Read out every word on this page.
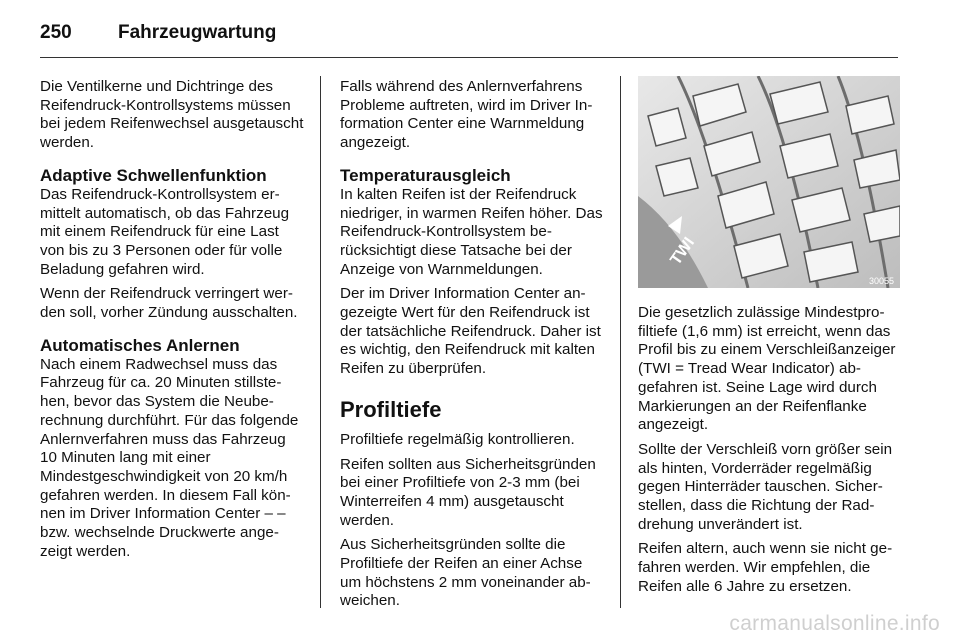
250 Fahrzeugwartung

Die Ventilkerne und Dichtringe des Reifendruck-Kontrollsystems müssen bei jedem Reifenwechsel ausgetauscht werden.

Adaptive Schwellenfunktion

Das Reifendruck-Kontrollsystem ermittelt automatisch, ob das Fahrzeug mit einem Reifendruck für eine Last von bis zu 3 Personen oder für volle Beladung gefahren wird.

Wenn der Reifendruck verringert werden soll, vorher Zündung ausschalten.

Automatisches Anlernen

Nach einem Radwechsel muss das Fahrzeug für ca. 20 Minuten stillstehen, bevor das System die Neuberechnung durchführt. Für das folgende Anlernverfahren muss das Fahrzeug 10 Minuten lang mit einer Mindestgeschwindigkeit von 20 km/h gefahren werden. In diesem Fall können im Driver Information Center – – bzw. wechselnde Druckwerte angezeigt werden.

Falls während des Anlernverfahrens Probleme auftreten, wird im Driver Information Center eine Warnmeldung angezeigt.

Temperaturausgleich

In kalten Reifen ist der Reifendruck niedriger, in warmen Reifen höher. Das Reifendruck-Kontrollsystem berücksichtigt diese Tatsache bei der Anzeige von Warnmeldungen.

Der im Driver Information Center angezeigte Wert für den Reifendruck ist der tatsächliche Reifendruck. Daher ist es wichtig, den Reifendruck mit kalten Reifen zu überprüfen.

Profiltiefe

Profiltiefe regelmäßig kontrollieren.

Reifen sollten aus Sicherheitsgründen bei einer Profiltiefe von 2-3 mm (bei Winterreifen 4 mm) ausgetauscht werden.

Aus Sicherheitsgründen sollte die Profiltiefe der Reifen an einer Achse um höchstens 2 mm voneinander abweichen.

TWI
30055

Die gesetzlich zulässige Mindestprofiltiefe (1,6 mm) ist erreicht, wenn das Profil bis zu einem Verschleißanzeiger (TWI = Tread Wear Indicator) abgefahren ist. Seine Lage wird durch Markierungen an der Reifenflanke angezeigt.

Sollte der Verschleiß vorn größer sein als hinten, Vorderräder regelmäßig gegen Hinterräder tauschen. Sicherstellen, dass die Richtung der Raddrehung unverändert ist.

Reifen altern, auch wenn sie nicht gefahren werden. Wir empfehlen, die Reifen alle 6 Jahre zu ersetzen.

carmanualsonline.info
